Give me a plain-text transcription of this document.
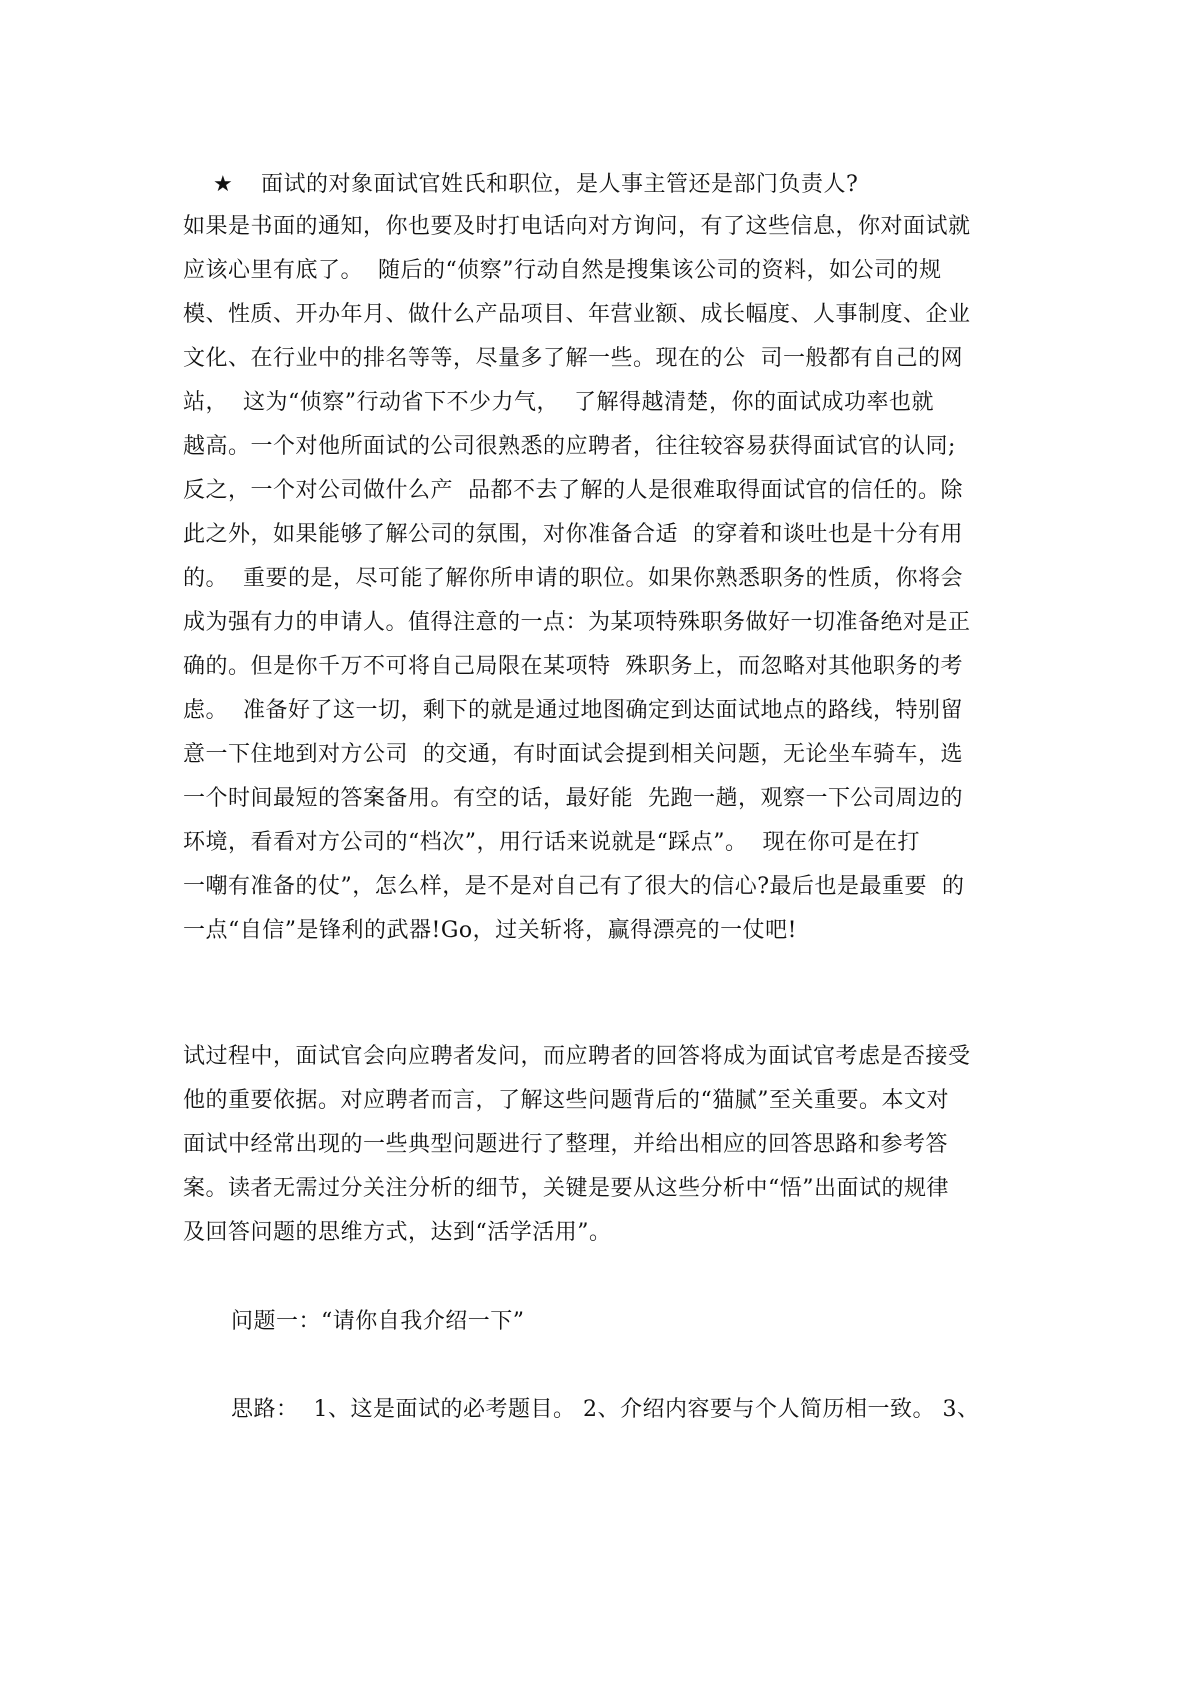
★ 面试的对象面试官姓氏和职位，是人事主管还是部门负责人?

如果是书面的通知，你也要及时打电话向对方询问，有了这些信息，你对面试就
应该心里有底了。  随后的“侦察”行动自然是搜集该公司的资料，如公司的规
模、性质、开办年月、做什么产品项目、年营业额、成长幅度、人事制度、企业
文化、在行业中的排名等等，尽量多了解一些。现在的公  司一般都有自己的网
站，  这为“侦察”行动省下不少力气，  了解得越清楚，你的面试成功率也就
越高。一个对他所面试的公司很熟悉的应聘者，往往较容易获得面试官的认同;
反之，一个对公司做什么产  品都不去了解的人是很难取得面试官的信任的。除
此之外，如果能够了解公司的氛围，对你准备合适  的穿着和谈吐也是十分有用
的。  重要的是，尽可能了解你所申请的职位。如果你熟悉职务的性质，你将会
成为强有力的申请人。值得注意的一点：为某项特殊职务做好一切准备绝对是正
确的。但是你千万不可将自己局限在某项特  殊职务上，而忽略对其他职务的考
虑。  准备好了这一切，剩下的就是通过地图确定到达面试地点的路线，特别留
意一下住地到对方公司  的交通，有时面试会提到相关问题，无论坐车骑车，选
一个时间最短的答案备用。有空的话，最好能  先跑一趟，观察一下公司周边的
环境，看看对方公司的“档次”，用行话来说就是“踩点”。  现在你可是在打
一嘲有准备的仗”，怎么样，是不是对自己有了很大的信心?最后也是最重要  的
一点“自信”是锋利的武器!Go，过关斩将，赢得漂亮的一仗吧!
试过程中，面试官会向应聘者发问，而应聘者的回答将成为面试官考虑是否接受
他的重要依据。对应聘者而言，了解这些问题背后的“猫腻”至关重要。本文对
面试中经常出现的一些典型问题进行了整理，并给出相应的回答思路和参考答
案。读者无需过分关注分析的细节，关键是要从这些分析中“悟”出面试的规律
及回答问题的思维方式，达到“活学活用”。
问题一：“请你自我介绍一下”
思路：  1、这是面试的必考题目。 2、介绍内容要与个人简历相一致。 3、
